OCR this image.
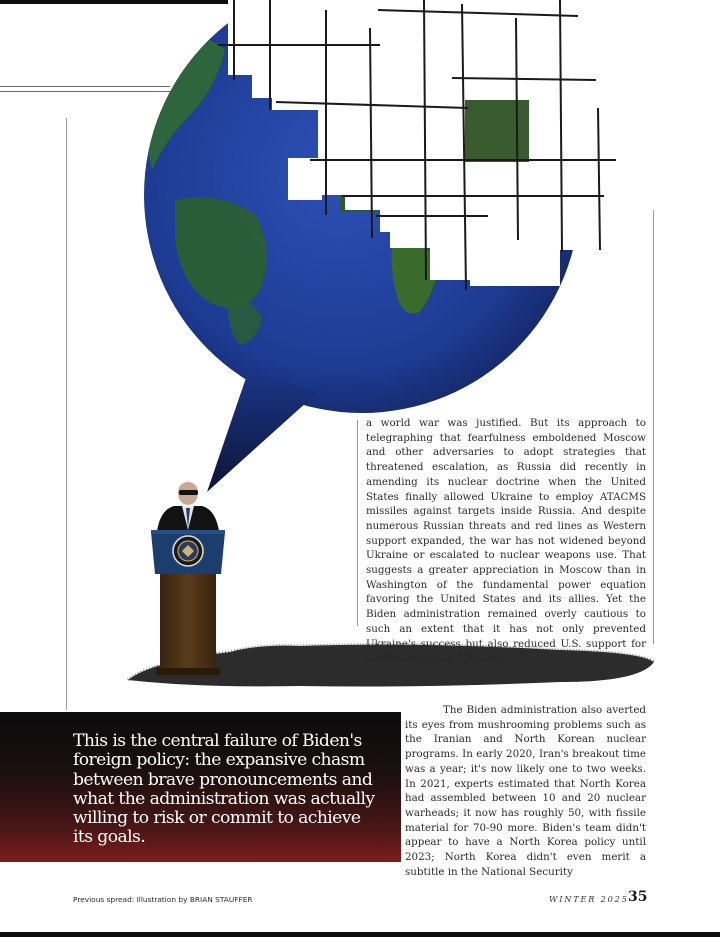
a world war was justified. But its approach to telegraphing that fearfulness emboldened Moscow and other adversaries to adopt strategies that threatened escalation, as Russia did recently in amending its nuclear doctrine when the United States finally allowed Ukraine to employ ATACMS missiles against targets inside Russia. And despite numerous Russian threats and red lines as Western support expanded, the war has not widened beyond Ukraine or escalated to nuclear weapons use. That suggests a greater appreciation in Moscow than in Washington of the fundamental power equation favoring the United States and its allies. Yet the Biden administration remained overly cautious to such an extent that it has not only prevented Ukraine's success but also reduced U.S. support for continuing to aid Ukraine.

This is the central failure of Biden's foreign policy: the expansive chasm between brave pronouncements and what the administration was actually willing to risk or commit to achieve its goals.

The Biden administration also averted its eyes from mushrooming problems such as the Iranian and North Korean nuclear programs. In early 2020, Iran's breakout time was a year; it's now likely one to two weeks. In 2021, experts estimated that North Korea had assembled between 10 and 20 nuclear warheads; it now has roughly 50, with fissile material for 70-90 more. Biden's team didn't appear to have a North Korea policy until 2023; North Korea didn't even merit a subtitle in the National Security

Previous spread: Illustration by BRIAN STAUFFER	WINTER 2025 35
